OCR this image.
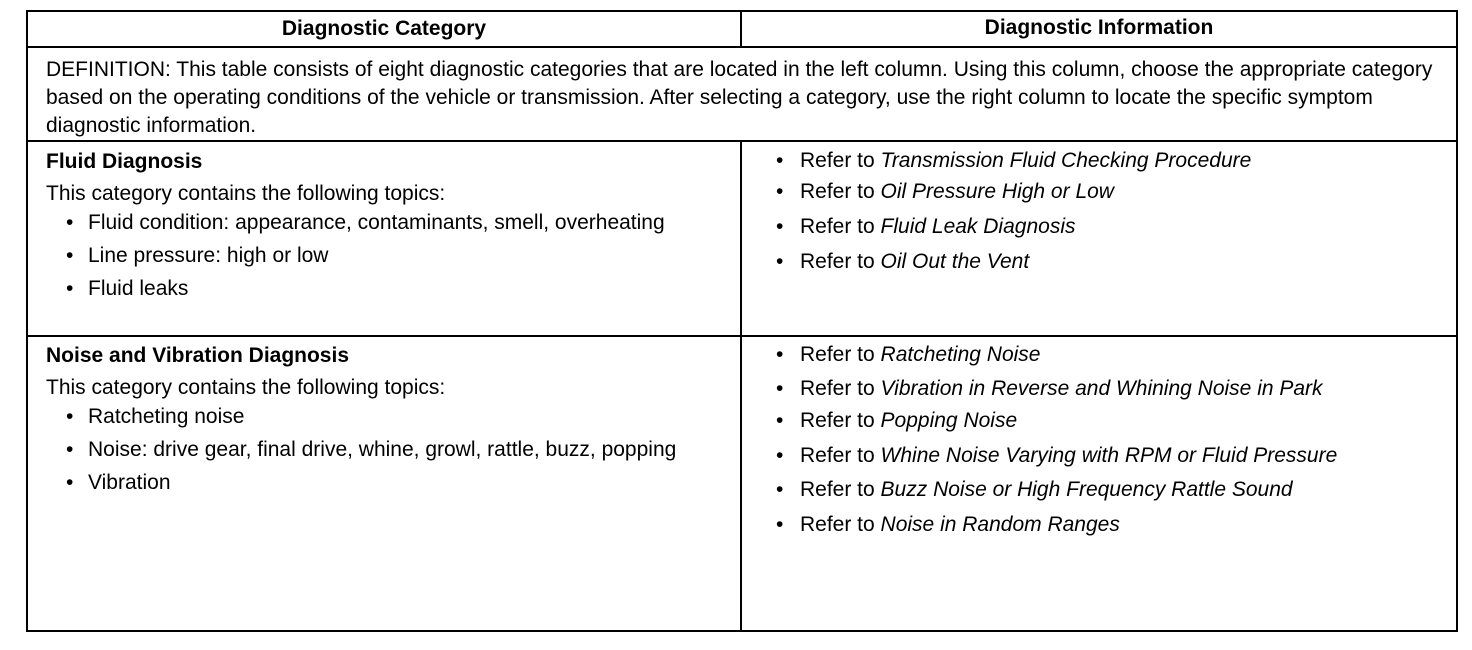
Diagnostic Category	Diagnostic Information
DEFINITION: This table consists of eight diagnostic categories that are located in the left column. Using this column, choose the appropriate category based on the operating conditions of the vehicle or transmission. After selecting a category, use the right column to locate the specific symptom diagnostic information.

Fluid Diagnosis

This category contains the following topics:

• Fluid condition: appearance, contaminants, smell, overheating
• Line pressure: high or low
• Fluid leaks
• Refer to Transmission Fluid Checking Procedure
• Refer to Oil Pressure High or Low
• Refer to Fluid Leak Diagnosis
• Refer to Oil Out the Vent

Noise and Vibration Diagnosis

This category contains the following topics:

• Ratcheting noise
• Noise: drive gear, final drive, whine, growl, rattle, buzz, popping
• Vibration
• Refer to Ratcheting Noise
• Refer to Vibration in Reverse and Whining Noise in Park
• Refer to Popping Noise
• Refer to Whine Noise Varying with RPM or Fluid Pressure
• Refer to Buzz Noise or High Frequency Rattle Sound
• Refer to Noise in Random Ranges
